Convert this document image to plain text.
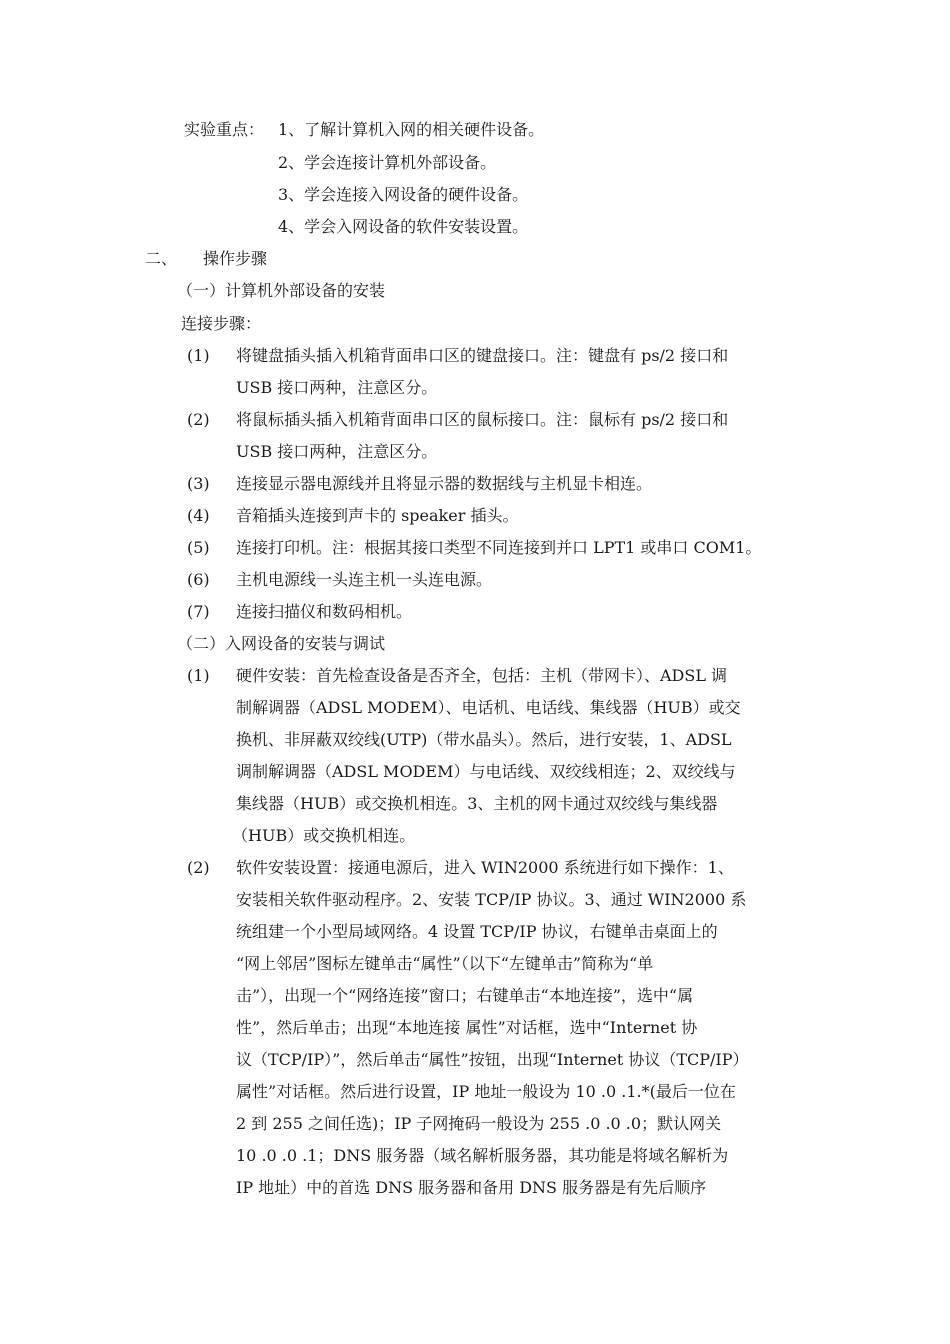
实验重点： 1、了解计算机入网的相关硬件设备。
2、学会连接计算机外部设备。
3、学会连接入网设备的硬件设备。
4、学会入网设备的软件安装设置。
二、 操作步骤
（一）计算机外部设备的安装
连接步骤：
(1) 将键盘插头插入机箱背面串口区的键盘接口。注：键盘有 ps/2 接口和
USB 接口两种，注意区分。
(2) 将鼠标插头插入机箱背面串口区的鼠标接口。注：鼠标有 ps/2 接口和
USB 接口两种，注意区分。
(3) 连接显示器电源线并且将显示器的数据线与主机显卡相连。
(4) 音箱插头连接到声卡的 speaker 插头。
(5) 连接打印机。注：根据其接口类型不同连接到并口 LPT1 或串口 COM1。
(6) 主机电源线一头连主机一头连电源。
(7) 连接扫描仪和数码相机。
（二）入网设备的安装与调试
(1) 硬件安装：首先检查设备是否齐全，包括：主机（带网卡）、ADSL 调
制解调器（ADSL MODEM）、电话机、电话线、集线器（HUB）或交
换机、非屏蔽双绞线(UTP)（带水晶头）。然后，进行安装，1、ADSL
调制解调器（ADSL MODEM）与电话线、双绞线相连；2、双绞线与
集线器（HUB）或交换机相连。3、主机的网卡通过双绞线与集线器
（HUB）或交换机相连。
(2) 软件安装设置：接通电源后，进入 WIN2000 系统进行如下操作：1、
安装相关软件驱动程序。2、安装 TCP/IP 协议。3、通过 WIN2000 系
统组建一个小型局域网络。4 设置 TCP/IP 协议，右键单击桌面上的
“网上邻居”图标左键单击“属性”（以下“左键单击”简称为“单
击”），出现一个“网络连接”窗口；右键单击“本地连接”，选中“属
性”，然后单击；出现“本地连接 属性”对话框，选中“Internet 协
议（TCP/IP）”，然后单击“属性”按钮，出现“Internet 协议（TCP/IP）
属性”对话框。然后进行设置，IP 地址一般设为 10 .0 .1.*(最后一位在
2 到 255 之间任选)；IP 子网掩码一般设为 255 .0 .0 .0；默认网关
10 .0 .0 .1；DNS 服务器（域名解析服务器，其功能是将域名解析为
IP 地址）中的首选 DNS 服务器和备用 DNS 服务器是有先后顺序
